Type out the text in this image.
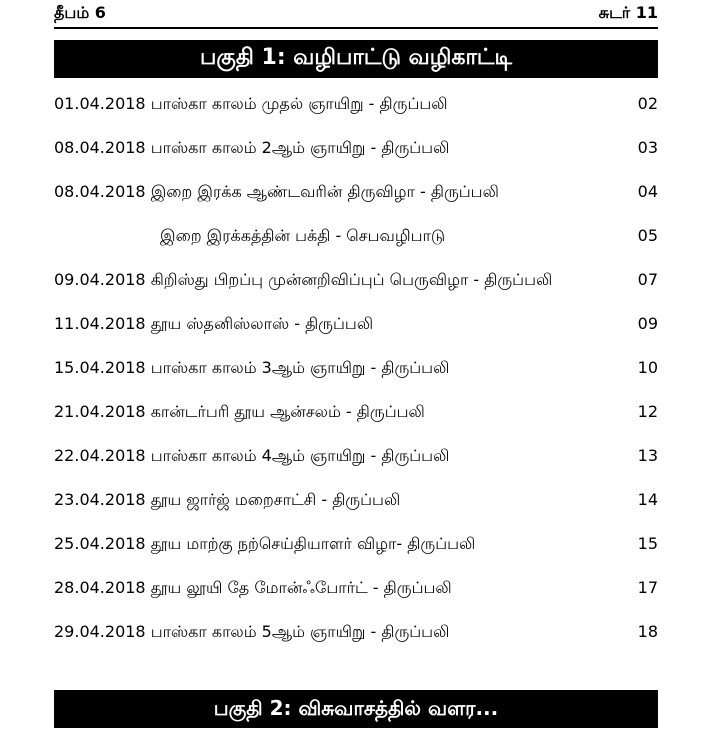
தீபம் 6	சுடர் 11
பகுதி 1: வழிபாட்டு வழிகாட்டி
01.04.2018 பாஸ்கா காலம் முதல் ஞாயிறு - திருப்பலி	02
08.04.2018 பாஸ்கா காலம் 2ஆம் ஞாயிறு - திருப்பலி	03
08.04.2018 இறை இரக்க ஆண்டவரின் திருவிழா - திருப்பலி	04
இறை இரக்கத்தின் பக்தி - செபவழிபாடு	05
09.04.2018 கிறிஸ்து பிறப்பு முன்னறிவிப்புப் பெருவிழா - திருப்பலி	07
11.04.2018 தூய ஸ்தனிஸ்லாஸ் - திருப்பலி	09
15.04.2018 பாஸ்கா காலம் 3ஆம் ஞாயிறு - திருப்பலி	10
21.04.2018 கான்டர்பரி தூய ஆன்சலம் - திருப்பலி	12
22.04.2018 பாஸ்கா காலம் 4ஆம் ஞாயிறு - திருப்பலி	13
23.04.2018 தூய ஜார்ஜ் மறைசாட்சி - திருப்பலி	14
25.04.2018 தூய மாற்கு நற்செய்தியாளர் விழா- திருப்பலி	15
28.04.2018 தூய லூயி தே மோன்ஃபோர்ட் - திருப்பலி	17
29.04.2018 பாஸ்கா காலம் 5ஆம் ஞாயிறு - திருப்பலி	18
பகுதி 2: விசுவாசத்தில் வளர...
